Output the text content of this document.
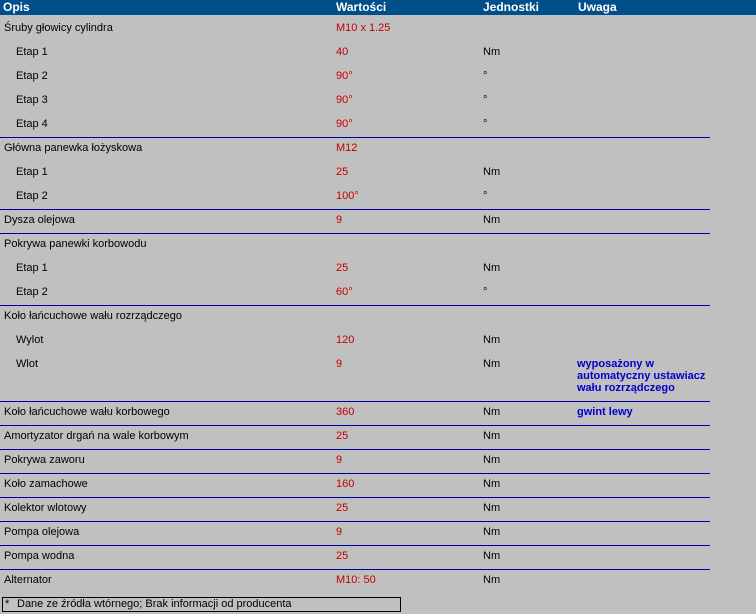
Opis	Wartości	Jednostki	Uwaga
Śruby głowicy cylindra	M10 x 1.25
Etap 1	40	Nm
Etap 2	90°	°
Etap 3	90°	°
Etap 4	90°	°
Główna panewka łożyskowa	M12
Etap 1	25	Nm
Etap 2	100°	°
Dysza olejowa	9	Nm
Pokrywa panewki korbowodu
Etap 1	25	Nm
Etap 2	60°	°
Koło łańcuchowe wału rozrządczego
Wylot	120	Nm
Wlot	9	Nm	wyposażony w automatyczny ustawiacz wału rozrządczego
Koło łańcuchowe wału korbowego	360	Nm	gwint lewy
Amortyzator drgań na wale korbowym	25	Nm
Pokrywa zaworu	9	Nm
Koło zamachowe	160	Nm
Kolektor wlotowy	25	Nm
Pompa olejowa	9	Nm
Pompa wodna	25	Nm
Alternator	M10: 50	Nm
* Dane ze źródła wtórnego; Brak informacji od producenta
